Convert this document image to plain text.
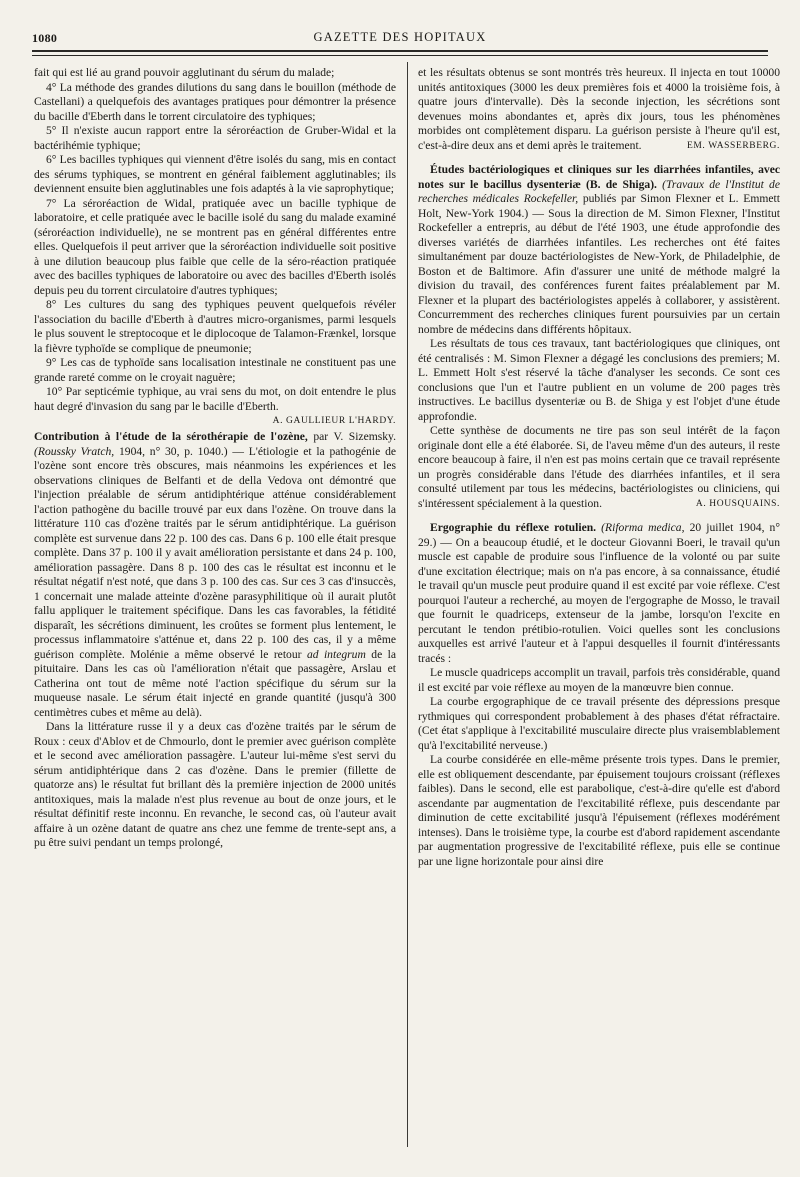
1080	GAZETTE DES HOPITAUX

fait qui est lié au grand pouvoir agglutinant du sérum du malade;

4° La méthode des grandes dilutions du sang dans le bouillon (méthode de Castellani) a quelquefois des avantages pratiques pour démontrer la présence du bacille d'Eberth dans le torrent circulatoire des typhiques;

5° Il n'existe aucun rapport entre la séroréaction de Gruber-Widal et la bactérihémie typhique;

6° Les bacilles typhiques qui viennent d'être isolés du sang, mis en contact des sérums typhiques, se montrent en général faiblement agglutinables; ils deviennent ensuite bien agglutinables une fois adaptés à la vie saprophytique;

7° La séroréaction de Widal, pratiquée avec un bacille typhique de laboratoire, et celle pratiquée avec le bacille isolé du sang du malade examiné (séroréaction individuelle), ne se montrent pas en général différentes entre elles. Quelquefois il peut arriver que la séroréaction individuelle soit positive à une dilution beaucoup plus faible que celle de la séro-réaction pratiquée avec des bacilles typhiques de laboratoire ou avec des bacilles d'Eberth isolés depuis peu du torrent circulatoire d'autres typhiques;

8° Les cultures du sang des typhiques peuvent quelquefois révéler l'association du bacille d'Eberth à d'autres micro-organismes, parmi lesquels le plus souvent le streptocoque et le diplocoque de Talamon-Frænkel, lorsque la fièvre typhoïde se complique de pneumonie;

9° Les cas de typhoïde sans localisation intestinale ne constituent pas une grande rareté comme on le croyait naguère;

10° Par septicémie typhique, au vrai sens du mot, on doit entendre le plus haut degré d'invasion du sang par le bacille d'Eberth.
A. GAULLIEUR L'HARDY.

Contribution à l'étude de la sérothérapie de l'ozène, par V. Sizemsky. (Roussky Vratch, 1904, n° 30, p. 1040.) — L'étiologie et la pathogénie de l'ozène sont encore très obscures, mais néanmoins les expériences et les observations cliniques de Belfanti et de della Vedova ont démontré que l'injection préalable de sérum antidiphtérique atténue considérablement l'action pathogène du bacille trouvé par eux dans l'ozène. On trouve dans la littérature 110 cas d'ozène traités par le sérum antidiphtérique. La guérison complète est survenue dans 22 p. 100 des cas. Dans 6 p. 100 elle était presque complète. Dans 37 p. 100 il y avait amélioration persistante et dans 24 p. 100, amélioration passagère. Dans 8 p. 100 des cas le résultat est inconnu et le résultat négatif n'est noté, que dans 3 p. 100 des cas. Sur ces 3 cas d'insuccès, 1 concernait une malade atteinte d'ozène parasyphilitique où il aurait plutôt fallu appliquer le traitement spécifique. Dans les cas favorables, la fétidité disparaît, les sécrétions diminuent, les croûtes se forment plus lentement, le processus inflammatoire s'atténue et, dans 22 p. 100 des cas, il y a même guérison complète. Molénie a même observé le retour ad integrum de la pituitaire. Dans les cas où l'amélioration n'était que passagère, Arslau et Catherina ont tout de même noté l'action spécifique du sérum sur la muqueuse nasale. Le sérum était injecté en grande quantité (jusqu'à 300 centimètres cubes et même au delà).

Dans la littérature russe il y a deux cas d'ozène traités par le sérum de Roux : ceux d'Ablov et de Chmourlo, dont le premier avec guérison complète et le second avec amélioration passagère. L'auteur lui-même s'est servi du sérum antidiphtérique dans 2 cas d'ozène. Dans le premier (fillette de quatorze ans) le résultat fut brillant dès la première injection de 2000 unités antitoxiques, mais la malade n'est plus revenue au bout de onze jours, et le résultat définitif reste inconnu. En revanche, le second cas, où l'auteur avait affaire à un ozène datant de quatre ans chez une femme de trente-sept ans, a pu être suivi pendant un temps prolongé,

et les résultats obtenus se sont montrés très heureux. Il injecta en tout 10000 unités antitoxiques (3000 les deux premières fois et 4000 la troisième fois, à quatre jours d'intervalle). Dès la seconde injection, les sécrétions sont devenues moins abondantes et, après dix jours, tous les phénomènes morbides ont complètement disparu. La guérison persiste à l'heure qu'il est, c'est-à-dire deux ans et demi après le traitement.	EM. WASSERBERG.

Études bactériologiques et cliniques sur les diarrhées infantiles, avec notes sur le bacillus dysenteriæ (B. de Shiga). (Travaux de l'Institut de recherches médicales Rockefeller, publiés par Simon Flexner et L. Emmett Holt, New-York 1904.) — Sous la direction de M. Simon Flexner, l'Institut Rockefeller a entrepris, au début de l'été 1903, une étude approfondie des diverses variétés de diarrhées infantiles. Les recherches ont été faites simultanément par douze bactériologistes de New-York, de Philadelphie, de Boston et de Baltimore. Afin d'assurer une unité de méthode malgré la division du travail, des conférences furent faites préalablement par M. Flexner et la plupart des bactériologistes appelés à collaborer, y assistèrent. Concurremment des recherches cliniques furent poursuivies par un certain nombre de médecins dans différents hôpitaux.

Les résultats de tous ces travaux, tant bactériologiques que cliniques, ont été centralisés : M. Simon Flexner a dégagé les conclusions des premiers; M. L. Emmett Holt s'est réservé la tâche d'analyser les seconds. Ce sont ces conclusions que l'un et l'autre publient en un volume de 200 pages très instructives. Le bacillus dysenteriæ ou B. de Shiga y est l'objet d'une étude approfondie.

Cette synthèse de documents ne tire pas son seul intérêt de la façon originale dont elle a été élaborée. Si, de l'aveu même d'un des auteurs, il reste encore beaucoup à faire, il n'en est pas moins certain que ce travail représente un progrès considérable dans l'étude des diarrhées infantiles, et il sera consulté utilement par tous les médecins, bactériologistes ou cliniciens, qui s'intéressent spécialement à la question.	A. HOUSQUAINS.

Ergographie du réflexe rotulien. (Riforma medica, 20 juillet 1904, n° 29.) — On a beaucoup étudié, et le docteur Giovanni Boeri, le travail qu'un muscle est capable de produire sous l'influence de la volonté ou par suite d'une excitation électrique; mais on n'a pas encore, à sa connaissance, étudié le travail qu'un muscle peut produire quand il est excité par voie réflexe. C'est pourquoi l'auteur a recherché, au moyen de l'ergographe de Mosso, le travail que fournit le quadriceps, extenseur de la jambe, lorsqu'on l'excite en percutant le tendon prétibio-rotulien. Voici quelles sont les conclusions auxquelles est arrivé l'auteur et à l'appui desquelles il fournit d'intéressants tracés :

Le muscle quadriceps accomplit un travail, parfois très considérable, quand il est excité par voie réflexe au moyen de la manœuvre bien connue.

La courbe ergographique de ce travail présente des dépressions presque rythmiques qui correspondent probablement à des phases d'état réfractaire. (Cet état s'applique à l'excitabilité musculaire directe plus vraisemblablement qu'à l'excitabilité nerveuse.)

La courbe considérée en elle-même présente trois types. Dans le premier, elle est obliquement descendante, par épuisement toujours croissant (réflexes faibles). Dans le second, elle est parabolique, c'est-à-dire qu'elle est d'abord ascendante par augmentation de l'excitabilité réflexe, puis descendante par diminution de cette excitabilité jusqu'à l'épuisement (réflexes modérément intenses). Dans le troisième type, la courbe est d'abord rapidement ascendante par augmentation progressive de l'excitabilité réflexe, puis elle se continue par une ligne horizontale pour ainsi dire
